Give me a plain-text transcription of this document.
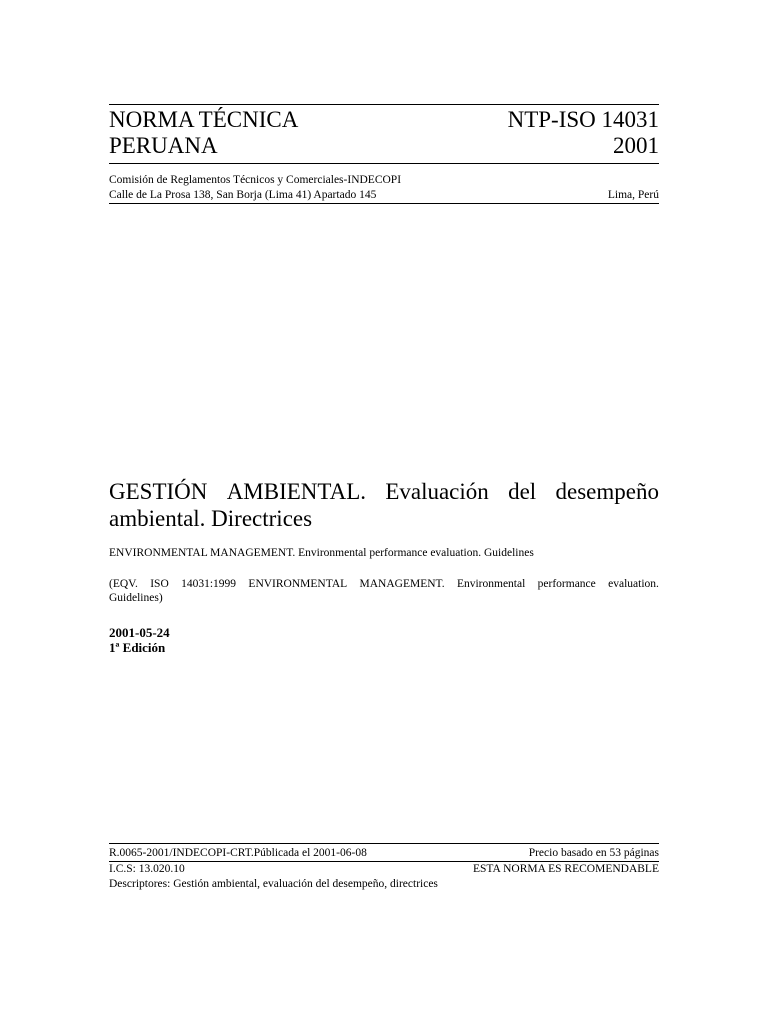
NORMA TÉCNICA	NTP-ISO 14031
PERUANA	2001
Comisión de Reglamentos Técnicos y Comerciales-INDECOPI
Calle de La Prosa 138, San Borja (Lima 41) Apartado 145	Lima, Perú
GESTIÓN AMBIENTAL. Evaluación del desempeño
ambiental. Directrices
ENVIRONMENTAL MANAGEMENT. Environmental performance evaluation. Guidelines
(EQV. ISO 14031:1999 ENVIRONMENTAL MANAGEMENT. Environmental performance evaluation.
Guidelines)
2001-05-24
1ª Edición
R.0065-2001/INDECOPI-CRT.Públicada el 2001-06-08	Precio basado en 53 páginas
I.C.S: 13.020.10	ESTA NORMA ES RECOMENDABLE
Descriptores: Gestión ambiental, evaluación del desempeño, directrices
